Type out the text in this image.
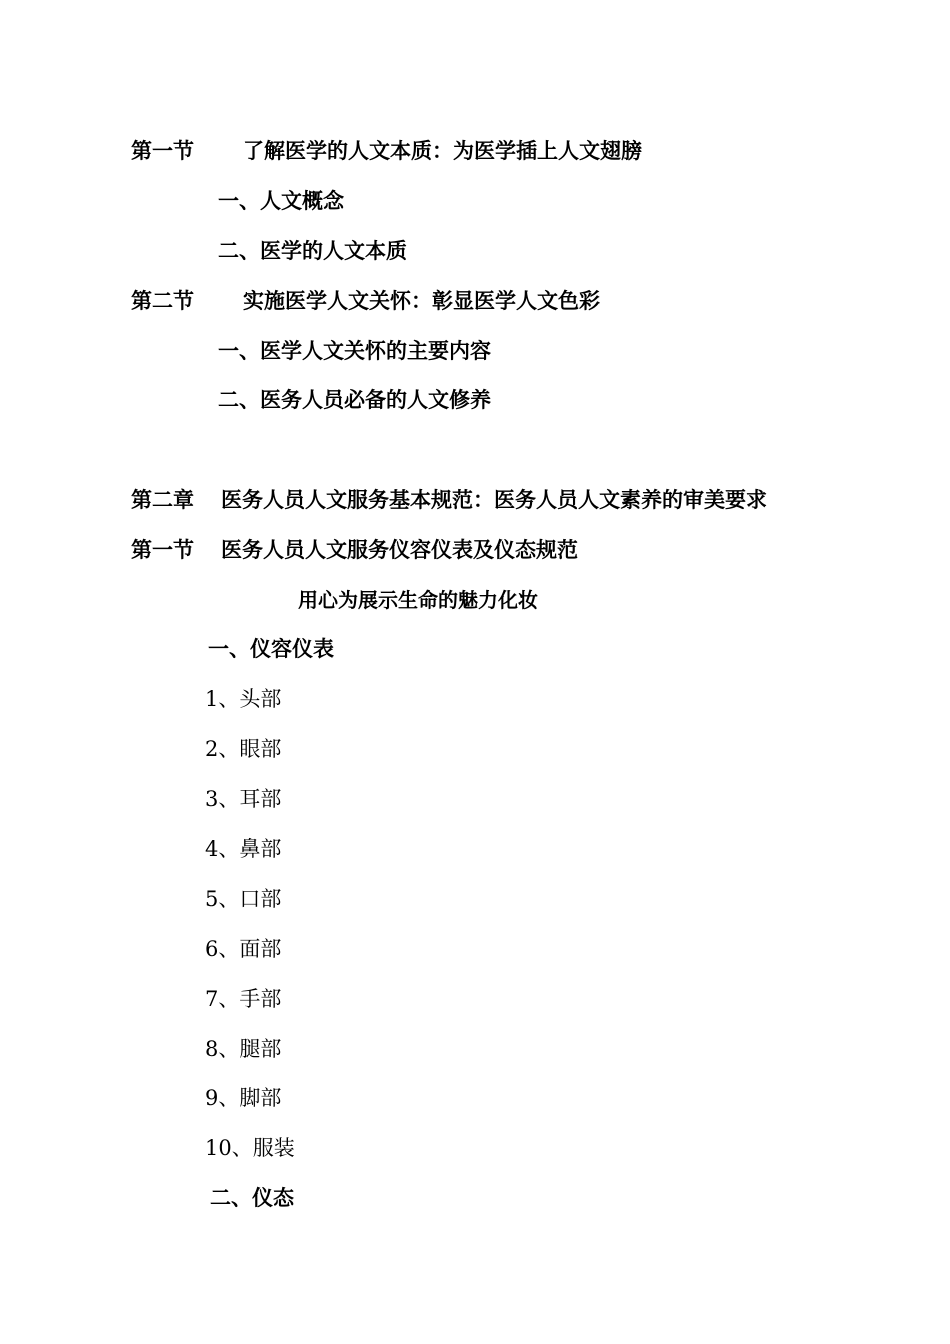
第一节 了解医学的人文本质：为医学插上人文翅膀
一、人文概念
二、医学的人文本质
第二节 实施医学人文关怀：彰显医学人文色彩
一、医学人文关怀的主要内容
二、医务人员必备的人文修养
第二章 医务人员人文服务基本规范：医务人员人文素养的审美要求
第一节 医务人员人文服务仪容仪表及仪态规范
用心为展示生命的魅力化妆
一、仪容仪表
1、头部
2、眼部
3、耳部
4、鼻部
5、口部
6、面部
7、手部
8、腿部
9、脚部
10、服装
二、仪态
